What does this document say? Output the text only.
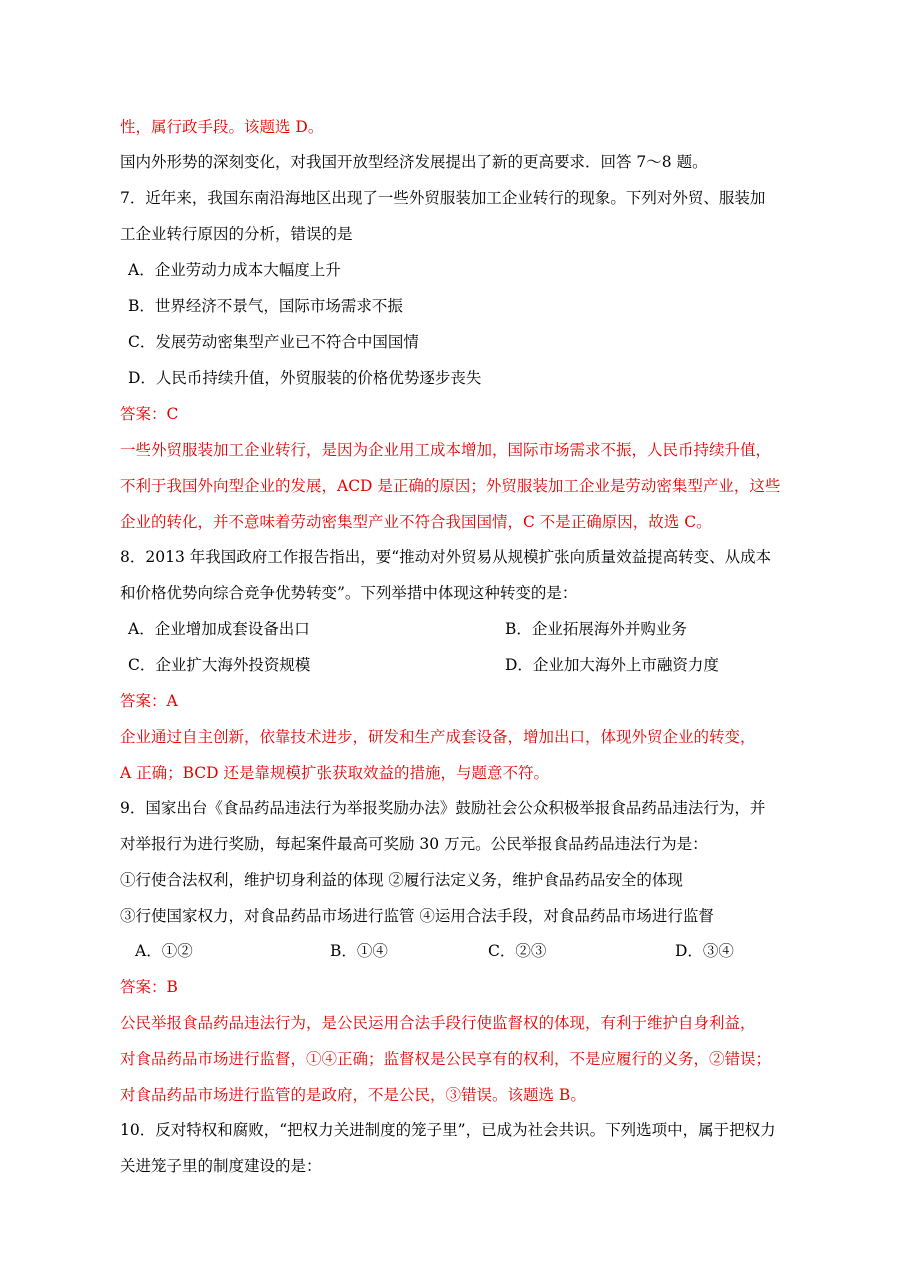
性，属行政手段。该题选 D。
国内外形势的深刻变化，对我国开放型经济发展提出了新的更高要求．回答 7～8 题。
7．近年来，我国东南沿海地区出现了一些外贸服装加工企业转行的现象。下列对外贸、服装加
工企业转行原因的分析，错误的是
A．企业劳动力成本大幅度上升
B．世界经济不景气，国际市场需求不振
C．发展劳动密集型产业已不符合中国国情
D．人民币持续升值，外贸服装的价格优势逐步丧失
答案：C
一些外贸服装加工企业转行，是因为企业用工成本增加，国际市场需求不振，人民币持续升值，
不利于我国外向型企业的发展，ACD 是正确的原因；外贸服装加工企业是劳动密集型产业，这些
企业的转化，并不意味着劳动密集型产业不符合我国国情，C 不是正确原因，故选 C。
8．2013 年我国政府工作报告指出，要“推动对外贸易从规模扩张向质量效益提高转变、从成本
和价格优势向综合竞争优势转变”。下列举措中体现这种转变的是：
A．企业增加成套设备出口	B．企业拓展海外并购业务
C．企业扩大海外投资规模	D．企业加大海外上市融资力度
答案：A
企业通过自主创新，依靠技术进步，研发和生产成套设备，增加出口，体现外贸企业的转变，
A 正确；BCD 还是靠规模扩张获取效益的措施，与题意不符。
9．国家出台《食品药品违法行为举报奖励办法》鼓励社会公众积极举报食品药品违法行为，并
对举报行为进行奖励，每起案件最高可奖励 30 万元。公民举报食品药品违法行为是：
①行使合法权利，维护切身利益的体现 ②履行法定义务，维护食品药品安全的体现
③行使国家权力，对食品药品市场进行监管 ④运用合法手段，对食品药品市场进行监督
A．①②	B．①④	C．②③	D．③④
答案：B
公民举报食品药品违法行为，是公民运用合法手段行使监督权的体现，有利于维护自身利益，
对食品药品市场进行监督，①④正确；监督权是公民享有的权利，不是应履行的义务，②错误；
对食品药品市场进行监管的是政府，不是公民，③错误。该题选 B。
10．反对特权和腐败，“把权力关进制度的笼子里”，已成为社会共识。下列选项中，属于把权力
关进笼子里的制度建设的是：
